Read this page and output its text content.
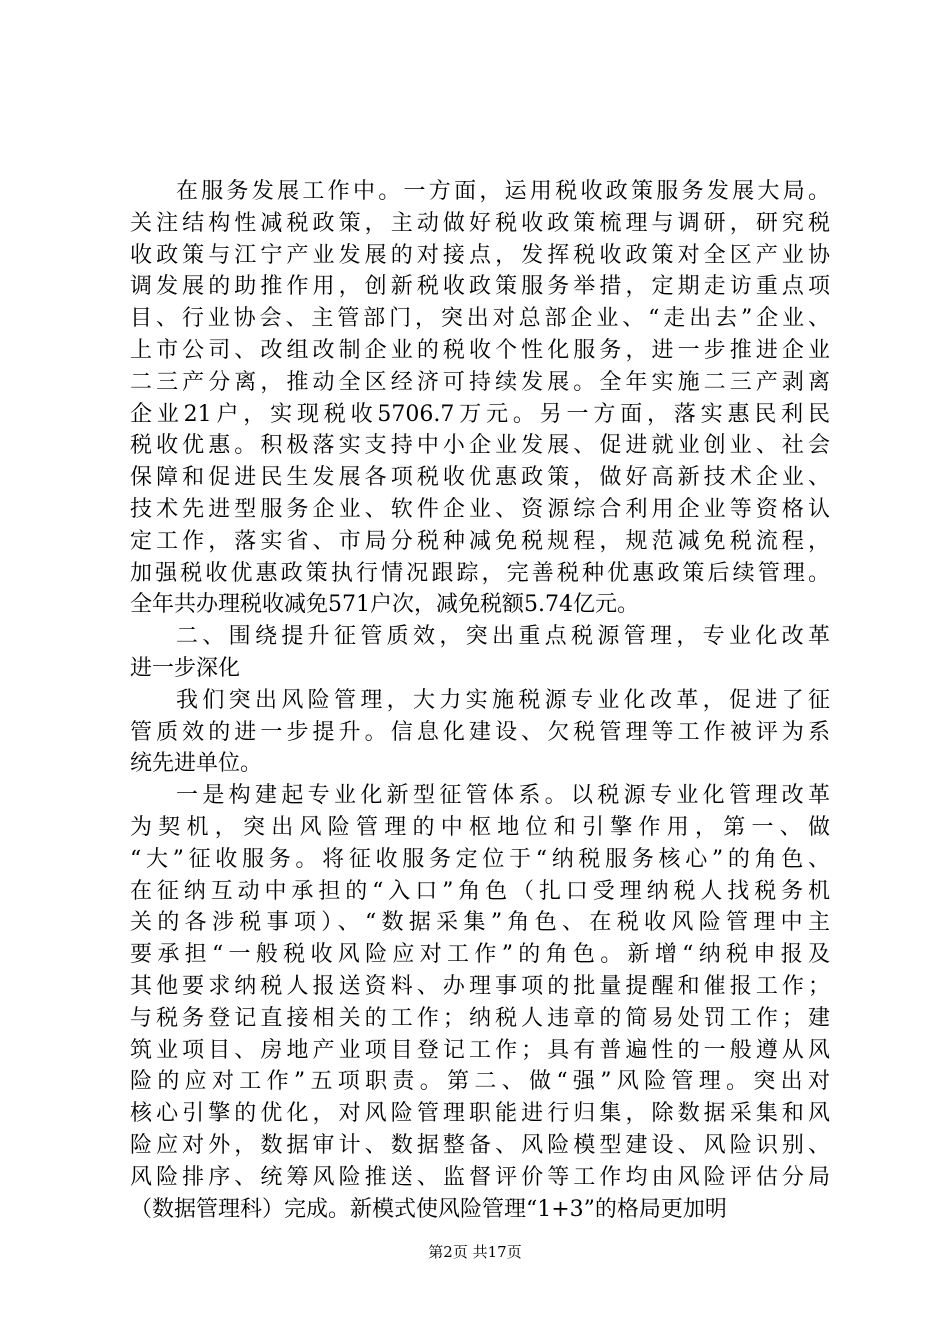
在服务发展工作中。一方面，运用税收政策服务发展大局。
关注结构性减税政策，主动做好税收政策梳理与调研，研究税
收政策与江宁产业发展的对接点，发挥税收政策对全区产业协
调发展的助推作用，创新税收政策服务举措，定期走访重点项
目、行业协会、主管部门，突出对总部企业、“走出去”企业、
上市公司、改组改制企业的税收个性化服务，进一步推进企业
二三产分离，推动全区经济可持续发展。全年实施二三产剥离
企业21户，实现税收5706.7万元。另一方面，落实惠民利民
税收优惠。积极落实支持中小企业发展、促进就业创业、社会
保障和促进民生发展各项税收优惠政策，做好高新技术企业、
技术先进型服务企业、软件企业、资源综合利用企业等资格认
定工作，落实省、市局分税种减免税规程，规范减免税流程，
加强税收优惠政策执行情况跟踪，完善税种优惠政策后续管理。
全年共办理税收减免571户次，减免税额5.74亿元。
二、围绕提升征管质效，突出重点税源管理，专业化改革
进一步深化
我们突出风险管理，大力实施税源专业化改革，促进了征
管质效的进一步提升。信息化建设、欠税管理等工作被评为系
统先进单位。
一是构建起专业化新型征管体系。以税源专业化管理改革
为契机，突出风险管理的中枢地位和引擎作用，第一、做
“大”征收服务。将征收服务定位于“纳税服务核心”的角色、
在征纳互动中承担的“入口”角色（扎口受理纳税人找税务机
关的各涉税事项）、“数据采集”角色、在税收风险管理中主
要承担“一般税收风险应对工作”的角色。新增“纳税申报及
其他要求纳税人报送资料、办理事项的批量提醒和催报工作；
与税务登记直接相关的工作；纳税人违章的简易处罚工作；建
筑业项目、房地产业项目登记工作；具有普遍性的一般遵从风
险的应对工作”五项职责。第二、做“强”风险管理。突出对
核心引擎的优化，对风险管理职能进行归集，除数据采集和风
险应对外，数据审计、数据整备、风险模型建设、风险识别、
风险排序、统筹风险推送、监督评价等工作均由风险评估分局
（数据管理科）完成。新模式使风险管理“1+3”的格局更加明
第2页 共17页
